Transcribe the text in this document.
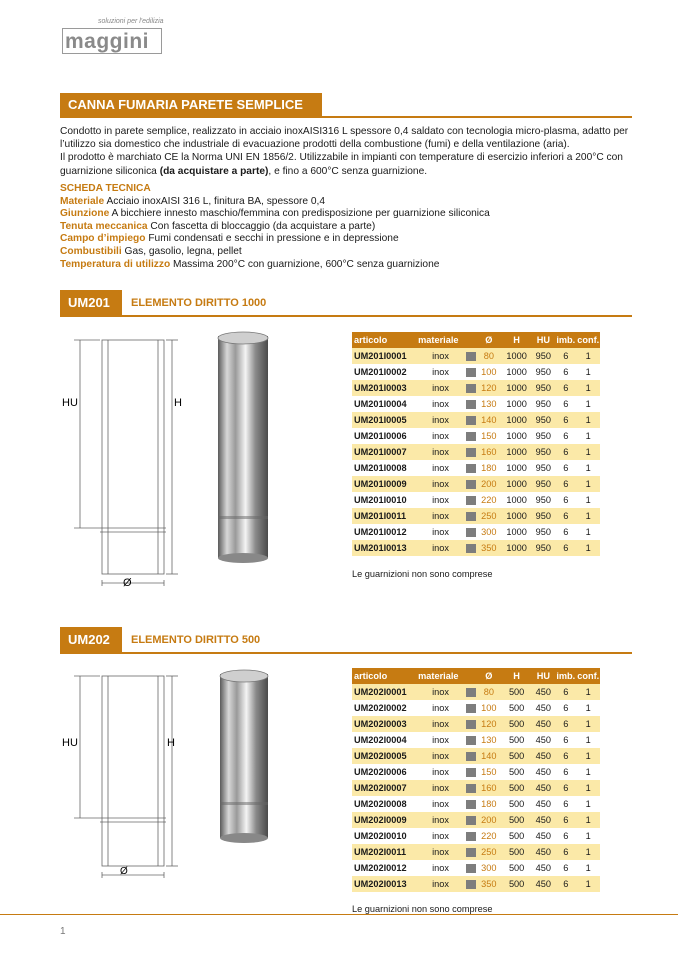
soluzioni per l'edilizia
maggini
CANNA FUMARIA PARETE SEMPLICE

Condotto in parete semplice, realizzato in acciaio inoxAISI316 L spessore 0,4 saldato con tecnologia micro-plasma, adatto per l’utilizzo sia domestico che industriale di evacuazione prodotti della combustione (fumi) e della ventilazione (aria).

Il prodotto è marchiato CE la Norma UNI EN 1856/2. Utilizzabile in impianti con temperature di esercizio inferiori a 200°C con guarnizione siliconica (da acquistare a parte), e fino a 600°C senza guarnizione.

SCHEDA TECNICA
Materiale Acciaio inoxAISI 316 L, finitura BA, spessore 0,4
Giunzione A bicchiere innesto maschio/femmina con predisposizione per guarnizione siliconica
Tenuta meccanica Con fascetta di bloccaggio (da acquistare a parte)
Campo d’impiego Fumi condensati e secchi in pressione e in depressione
Combustibili Gas, gasolio, legna, pellet
Temperatura di utilizzo Massima 200°C con guarnizione, 600°C senza guarnizione
UM201	ELEMENTO DIRITTO 1000
HU	H
Ø
articolo	materiale		Ø	H	HU	imb.	conf.
UM201I0001	inox		80	1000	950	6	1
UM201I0002	inox		100	1000	950	6	1
UM201I0003	inox		120	1000	950	6	1
UM201I0004	inox		130	1000	950	6	1
UM201I0005	inox		140	1000	950	6	1
UM201I0006	inox		150	1000	950	6	1
UM201I0007	inox		160	1000	950	6	1
UM201I0008	inox		180	1000	950	6	1
UM201I0009	inox		200	1000	950	6	1
UM201I0010	inox		220	1000	950	6	1
UM201I0011	inox		250	1000	950	6	1
UM201I0012	inox		300	1000	950	6	1
UM201I0013	inox		350	1000	950	6	1
Le guarnizioni non sono comprese
UM202	ELEMENTO DIRITTO 500
HU	H
Ø
articolo	materiale		Ø	H	HU	imb.	conf.
UM202I0001	inox		80	500	450	6	1
UM202I0002	inox		100	500	450	6	1
UM202I0003	inox		120	500	450	6	1
UM202I0004	inox		130	500	450	6	1
UM202I0005	inox		140	500	450	6	1
UM202I0006	inox		150	500	450	6	1
UM202I0007	inox		160	500	450	6	1
UM202I0008	inox		180	500	450	6	1
UM202I0009	inox		200	500	450	6	1
UM202I0010	inox		220	500	450	6	1
UM202I0011	inox		250	500	450	6	1
UM202I0012	inox		300	500	450	6	1
UM202I0013	inox		350	500	450	6	1
Le guarnizioni non sono comprese
1
